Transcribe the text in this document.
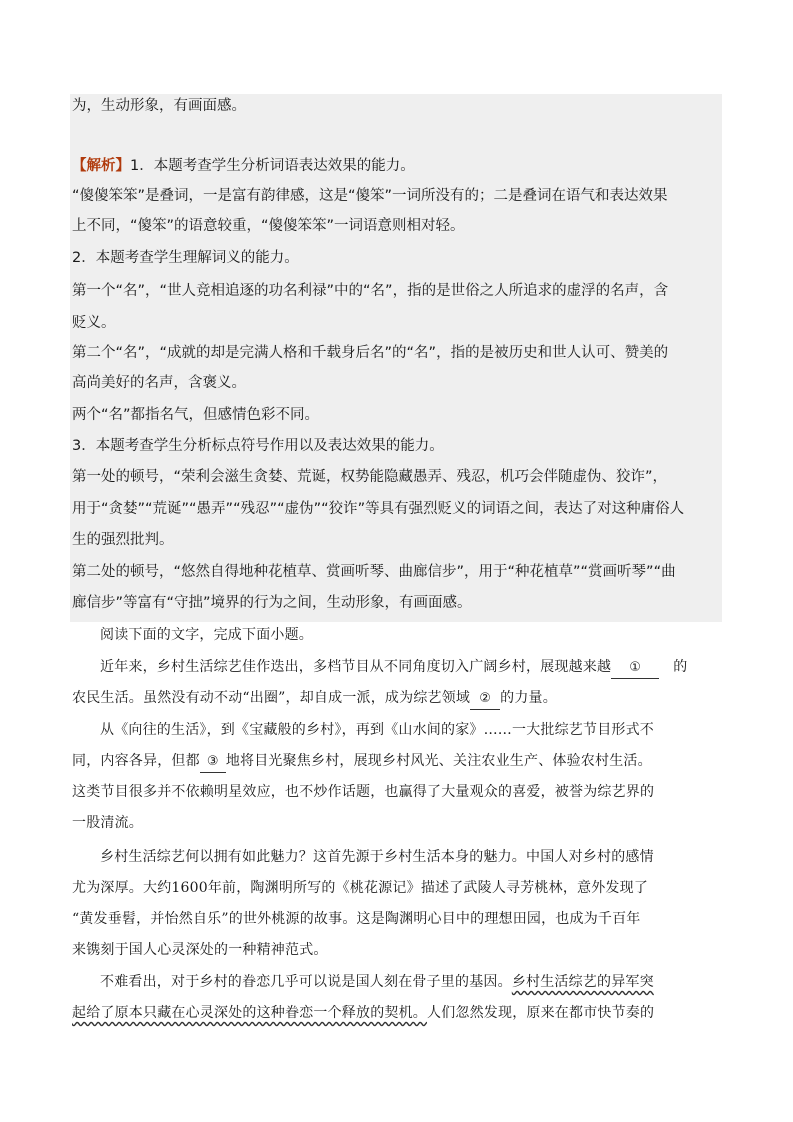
为，生动形象，有画面感。

【解析】1．本题考查学生分析词语表达效果的能力。

“傻傻笨笨”是叠词，一是富有韵律感，这是“傻笨”一词所没有的；二是叠词在语气和表达效果

上不同，“傻笨”的语意较重，“傻傻笨笨”一词语意则相对轻。

2．本题考查学生理解词义的能力。

第一个“名”，“世人竞相追逐的功名利禄”中的“名”，指的是世俗之人所追求的虚浮的名声，含

贬义。

第二个“名”，“成就的却是完满人格和千载身后名”的“名”，指的是被历史和世人认可、赞美的

高尚美好的名声，含褒义。

两个“名”都指名气，但感情色彩不同。

3．本题考查学生分析标点符号作用以及表达效果的能力。

第一处的顿号，“荣利会滋生贪婪、荒诞，权势能隐藏愚弄、残忍，机巧会伴随虚伪、狡诈”，

用于“贪婪”“荒诞”“愚弄”“残忍”“虚伪”“狡诈”等具有强烈贬义的词语之间，表达了对这种庸俗人

生的强烈批判。

第二处的顿号，“悠然自得地种花植草、赏画听琴、曲廊信步”，用于“种花植草”“赏画听琴”“曲

廊信步”等富有“守拙”境界的行为之间，生动形象，有画面感。

阅读下面的文字，完成下面小题。

近年来，乡村生活综艺佳作迭出，多档节目从不同角度切入广阔乡村，展现越来越 ① 的

农民生活。虽然没有动不动“出圈”，却自成一派，成为综艺领域 ② 的力量。

从《向往的生活》，到《宝藏般的乡村》，再到《山水间的家》……一大批综艺节目形式不

同，内容各异，但都 ③ 地将目光聚焦乡村，展现乡村风光、关注农业生产、体验农村生活。

这类节目很多并不依赖明星效应，也不炒作话题，也赢得了大量观众的喜爱，被誉为综艺界的

一股清流。

乡村生活综艺何以拥有如此魅力？这首先源于乡村生活本身的魅力。中国人对乡村的感情

尤为深厚。大约1600年前，陶渊明所写的《桃花源记》描述了武陵人寻芳桃林，意外发现了

“黄发垂髫，并怡然自乐”的世外桃源的故事。这是陶渊明心目中的理想田园，也成为千百年

来镌刻于国人心灵深处的一种精神范式。

不难看出，对于乡村的眷恋几乎可以说是国人刻在骨子里的基因。乡村生活综艺的异军突

起给了原本只藏在心灵深处的这种眷恋一个释放的契机。人们忽然发现，原来在都市快节奏的
